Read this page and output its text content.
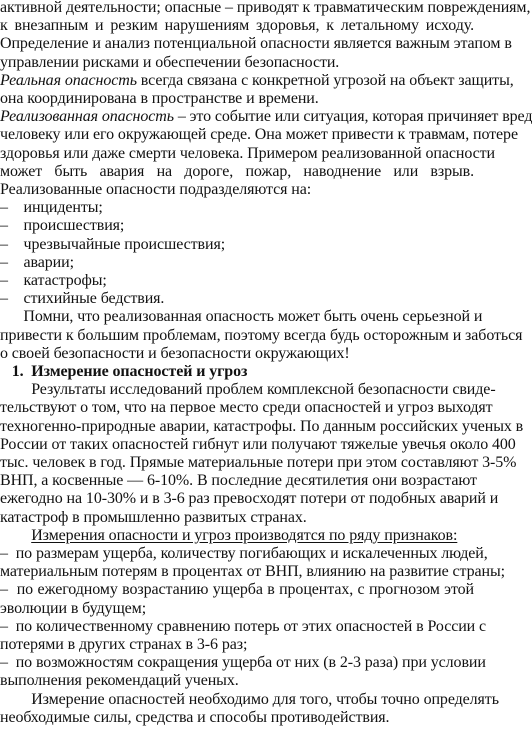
активной деятельности; опасные – приводят к травматическим повреждениям,
к внезапным и резким нарушениям здоровья, к летальному исходу.
Определение и анализ потенциальной опасности является важным этапом в
управлении рисками и обеспечении безопасности.
Реальная опасность всегда связана с конкретной угрозой на объект защиты,
она координирована в пространстве и времени.
Реализованная опасность – это событие или ситуация, которая причиняет вред
человеку или его окружающей среде. Она может привести к травмам, потере
здоровья или даже смерти человека. Примером реализованной опасности
может быть авария на дороге, пожар, наводнение или взрыв.
Реализованные опасности подразделяются на:
–    инциденты;
–    происшествия;
–    чрезвычайные происшествия;
–    аварии;
–    катастрофы;
–    стихийные бедствия.
Помни, что реализованная опасность может быть очень серьезной и
привести к большим проблемам, поэтому всегда будь осторожным и заботься
о своей безопасности и безопасности окружающих!
1.  Измерение опасностей и угроз
Результаты исследований проблем комплексной безопасности свиде-
тельствуют о том, что на первое место среди опасностей и угроз выходят
техногенно-природные аварии, катастрофы. По данным российских ученых в
России от таких опасностей гибнут или получают тяжелые увечья около 400
тыс. человек в год. Прямые материальные потери при этом составляют 3-5%
ВНП, а косвенные — 6-10%. В последние десятилетия они возрастают
ежегодно на 10-30% и в 3-6 раз превосходят потери от подобных аварий и
катастроф в промышленно развитых странах.
Измерения опасности и угроз производятся по ряду признаков:
–  по размерам ущерба, количеству погибающих и искалеченных людей,
материальным потерям в процентах от ВНП, влиянию на развитие страны;
–  по ежегодному возрастанию ущерба в процентах, с прогнозом этой
эволюции в будущем;
–  по количественному сравнению потерь от этих опасностей в России с
потерями в других странах в 3-6 раз;
–  по возможностям сокращения ущерба от них (в 2-3 раза) при условии
выполнения рекомендаций ученых.
Измерение опасностей необходимо для того, чтобы точно определять
необходимые силы, средства и способы противодействия.
